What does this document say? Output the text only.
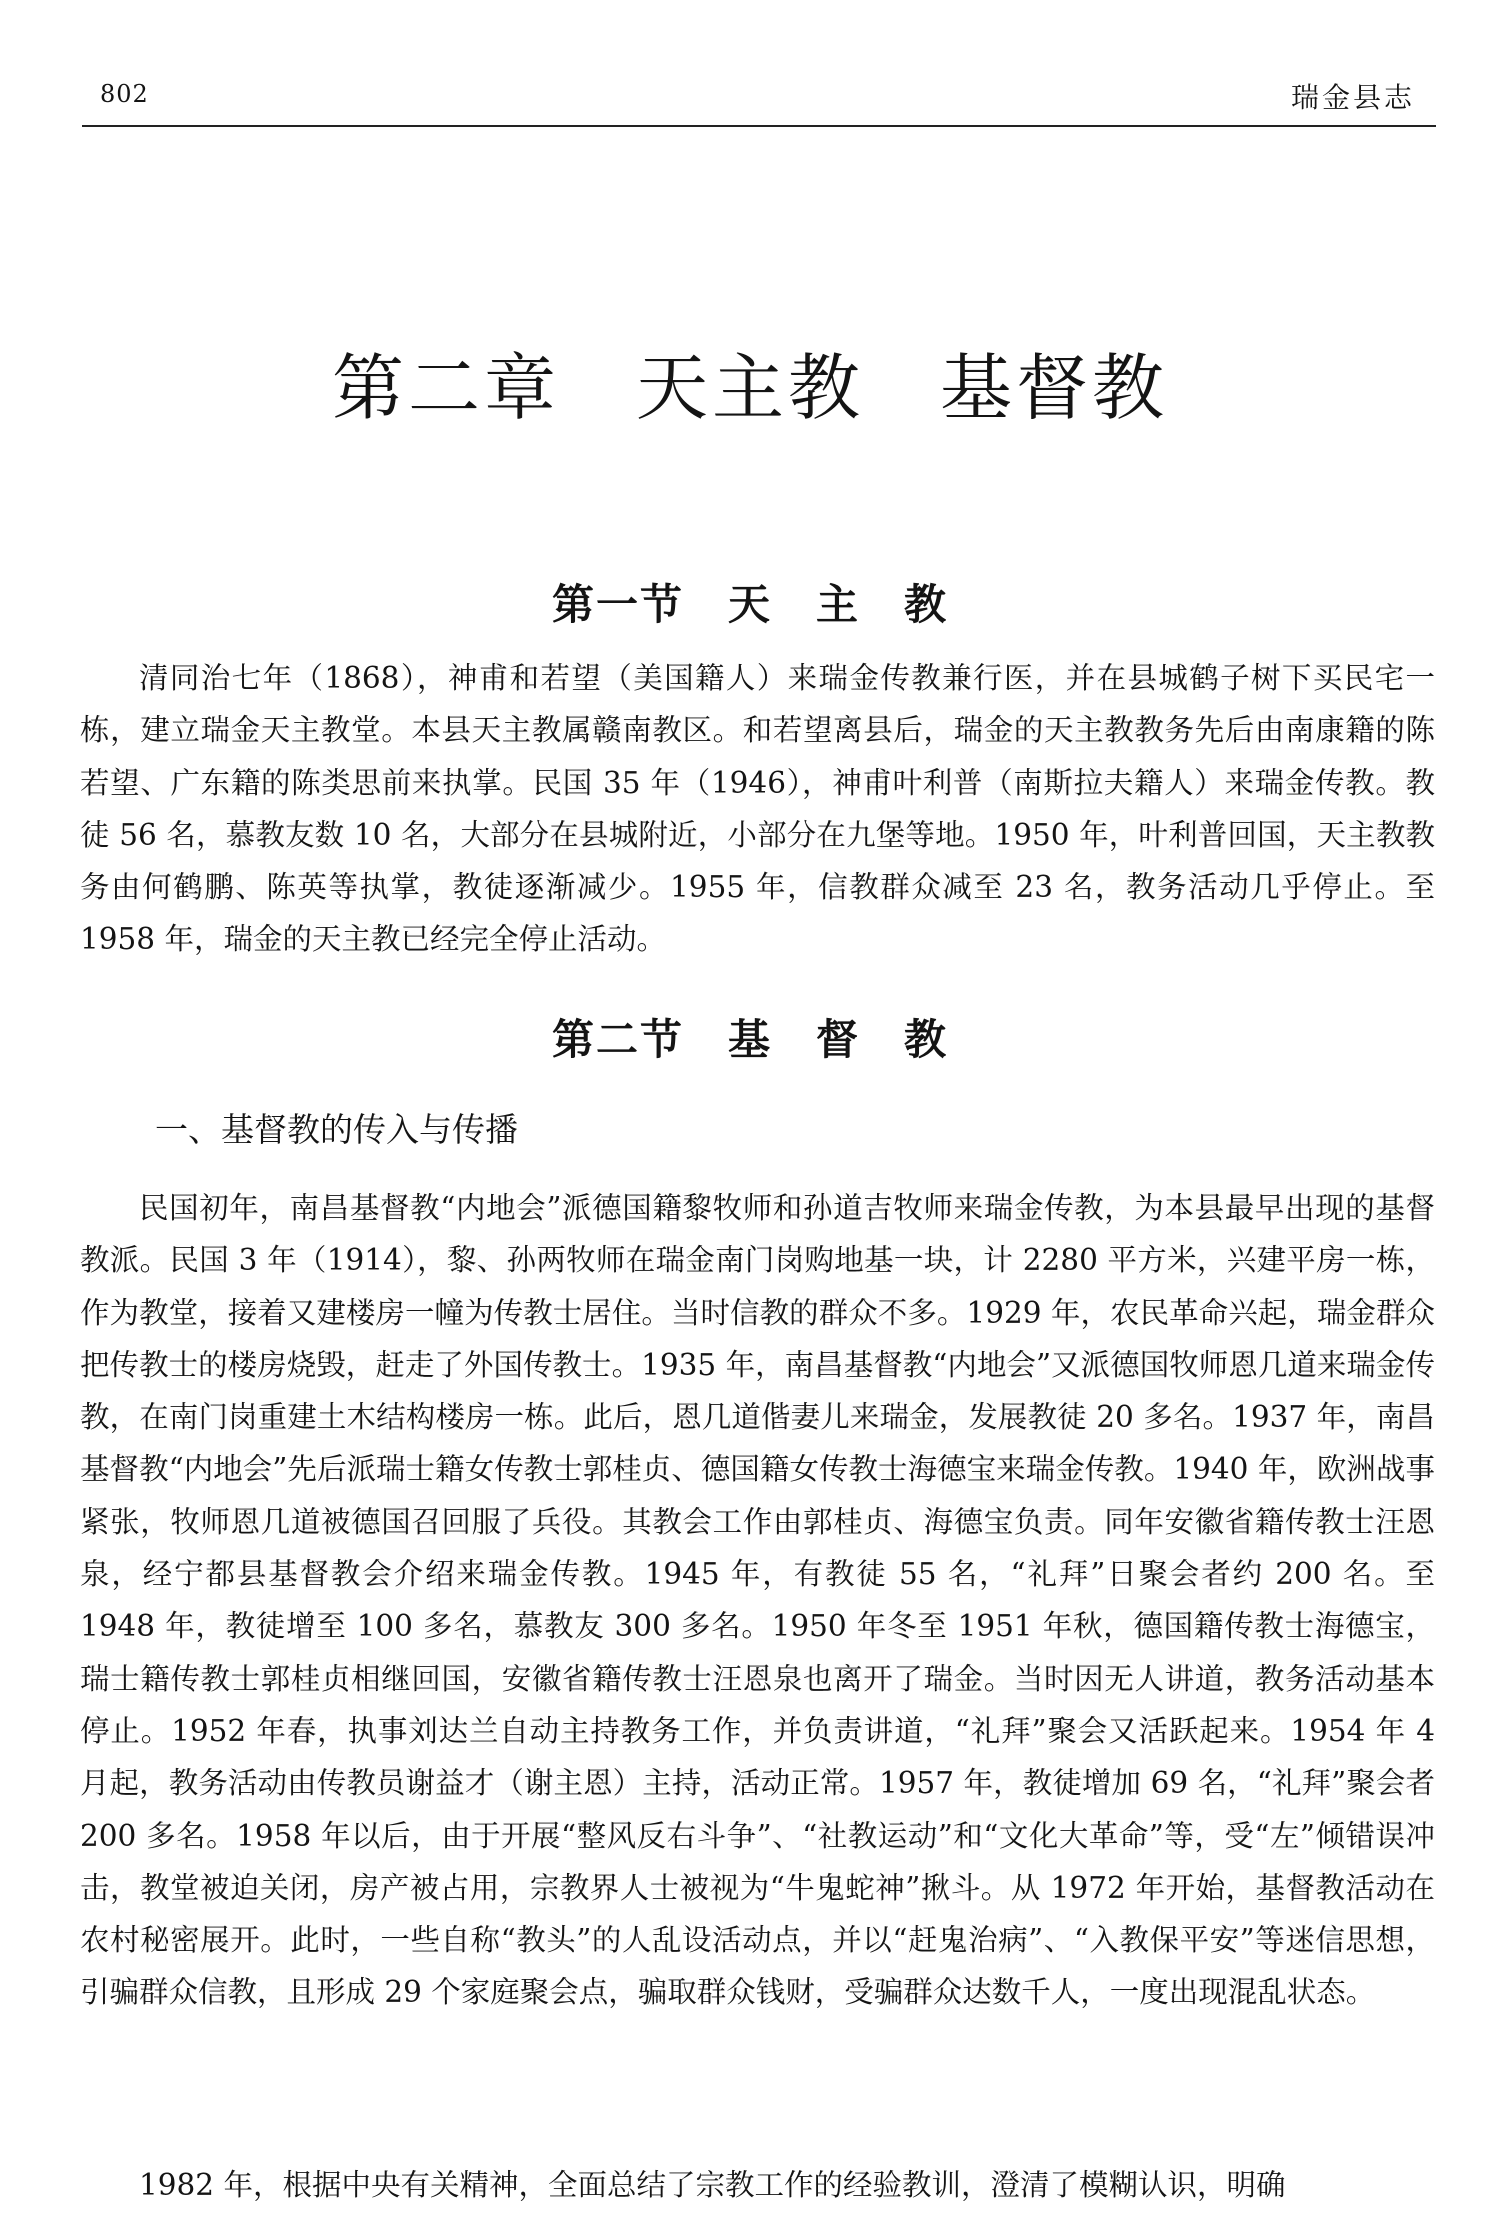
802	瑞金县志
第二章　天主教　基督教
第一节　天　主　教

清同治七年（1868），神甫和若望（美国籍人）来瑞金传教兼行医，并在县城鹤子树下买民宅一栋，建立瑞金天主教堂。本县天主教属赣南教区。和若望离县后，瑞金的天主教教务先后由南康籍的陈若望、广东籍的陈类思前来执掌。民国 35 年（1946），神甫叶利普（南斯拉夫籍人）来瑞金传教。教徒 56 名，慕教友数 10 名，大部分在县城附近，小部分在九堡等地。1950 年，叶利普回国，天主教教务由何鹤鹏、陈英等执掌，教徒逐渐减少。1955 年，信教群众减至 23 名，教务活动几乎停止。至 1958 年，瑞金的天主教已经完全停止活动。

第二节　基　督　教
一、基督教的传入与传播

民国初年，南昌基督教“内地会”派德国籍黎牧师和孙道吉牧师来瑞金传教，为本县最早出现的基督教派。民国 3 年（1914），黎、孙两牧师在瑞金南门岗购地基一块，计 2280 平方米，兴建平房一栋，作为教堂，接着又建楼房一幢为传教士居住。当时信教的群众不多。1929 年，农民革命兴起，瑞金群众把传教士的楼房烧毁，赶走了外国传教士。1935 年，南昌基督教“内地会”又派德国牧师恩几道来瑞金传教，在南门岗重建土木结构楼房一栋。此后，恩几道偕妻儿来瑞金，发展教徒 20 多名。1937 年，南昌基督教“内地会”先后派瑞士籍女传教士郭桂贞、德国籍女传教士海德宝来瑞金传教。1940 年，欧洲战事紧张，牧师恩几道被德国召回服了兵役。其教会工作由郭桂贞、海德宝负责。同年安徽省籍传教士汪恩泉，经宁都县基督教会介绍来瑞金传教。1945 年，有教徒 55 名，“礼拜”日聚会者约 200 名。至 1948 年，教徒增至 100 多名，慕教友 300 多名。1950 年冬至 1951 年秋，德国籍传教士海德宝，瑞士籍传教士郭桂贞相继回国，安徽省籍传教士汪恩泉也离开了瑞金。当时因无人讲道，教务活动基本停止。1952 年春，执事刘达兰自动主持教务工作，并负责讲道，“礼拜”聚会又活跃起来。1954 年 4 月起，教务活动由传教员谢益才（谢主恩）主持，活动正常。1957 年，教徒增加 69 名，“礼拜”聚会者 200 多名。1958 年以后，由于开展“整风反右斗争”、“社教运动”和“文化大革命”等，受“左”倾错误冲击，教堂被迫关闭，房产被占用，宗教界人士被视为“牛鬼蛇神”揪斗。从 1972 年开始，基督教活动在农村秘密展开。此时，一些自称“教头”的人乱设活动点，并以“赶鬼治病”、“入教保平安”等迷信思想，引骗群众信教，且形成 29 个家庭聚会点，骗取群众钱财，受骗群众达数千人，一度出现混乱状态。

1982 年，根据中央有关精神，全面总结了宗教工作的经验教训，澄清了模糊认识，明确
